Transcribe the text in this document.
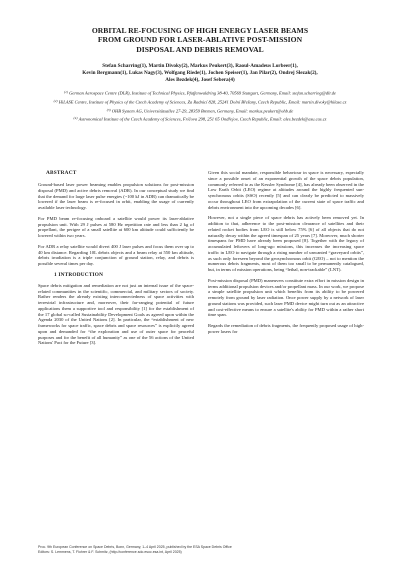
ORBITAL RE-FOCUSING OF HIGH ENERGY LASER BEAMS
FROM GROUND FOR LASER-ABLATIVE POST-MISSION
DISPOSAL AND DEBRIS REMOVAL
Stefan Scharring(1), Martin Divoky(2), Markus Peukert(3), Raoul-Amadeus Lorbeer(1),
Kevin Bergmann(1), Lukas Nagy(3), Wolfgang Riede(1), Jochen Speiser(1), Jan Pilar(2), Ondrej Slezak(2),
Ales Bezdek(4), Josef Sebera(4)
$^{(1)}$ German Aerospace Centre (DLR), Institute of Technical Physics, Pfaffenwaldring 38-40, 70569 Stuttgart, Germany, Email: stefan.scharring@dlr.de
$^{(2)}$ HiLASE Centre, Institute of Physics of the Czech Academy of Sciences, Za Radnicí 828, 25241 Dolní Břežany, Czech Republic, Email: martin.divoky@hilase.cz
$^{(3)}$ OHB System AG, Universitätsallee 27-29, 28359 Bremen, Germany, Email: markus.peukert@ohb.de
$^{(4)}$ Astronomical Institute of the Czech Academy of Sciences, Fričova 298, 251 65 Ondřejov, Czech Republic, Email: ales.bezdek@asu.cas.cz
ABSTRACT

Ground-based laser power beaming enables propulsion solutions for post-mission disposal (PMD) and active debris removal (ADR). In our conceptual study we find that the demand for large laser pulse energies (~100 kJ in ADR) can dramatically be lowered if the laser beam is re-focused in orbit, enabling the usage of currently available laser technology.

For PMD beam re-focusing onboard a satellite would power its laser-ablative propulsion unit. With 29 J pulses at 580 Hz repetition rate and less than 2 kg of propellant, the perigee of a small satellite at 600 km altitude could sufficiently be lowered within two years.

For ADR a relay satellite would divert 400 J laser pulses and focus them over up to 40 km distance. Regarding 10L debris objects and a beam relay at 550 km altitude, debris irradiation is a triple conjunction of ground station, relay, and debris is possible several times per day.

1 INTRODUCTION

Space debris mitigation and remediation are not just an internal issue of the space-related communities in the scientific, commercial, and military sectors of society. Rather renders the already existing interconnectedness of space activities with terrestrial infrastructure and, moreover, their far-ranging potential of future applications them a supportive tool and responsibility [1] for the establishment of the 17 global so-called Sustainability Development Goals as agreed upon within the Agenda 2030 of the United Nations [2]. In particular, the “establishment of new frameworks for space traffic, space debris and space resources” is explicitly agreed upon and demanded for “the exploration and use of outer space for peaceful purposes and for the benefit of all humanity” as one of the 56 actions of the United Nations' Pact for the Future [3].

Given this social mandate, responsible behaviour in space is necessary, especially since a possible onset of an exponential growth of the space debris population, commonly referred to as the Kessler Syndrome [4], has already been observed in the Low Earth Orbit (LEO) regime at altitudes around the highly frequented sun-synchronous orbits (SSO) recently [5] and can clearly be predicted to massively occur throughout LEO from extrapolation of the current state of space traffic and debris environment into the upcoming decades [6].

However, not a single piece of space debris has actively been removed yet. In addition to that, adherence to the post-mission clearance of satellites and their related rocket bodies from LEO is still below 75% [6] of all objects that do not naturally decay within the agreed timespan of 25 years [7]. Moreover, much shorter timespans for PMD have already been proposed [8]. Together with the legacy of accumulated leftovers of long-ago missions, this increases the increasing space traffic in LEO to navigate through a rising number of unwanted “graveyard orbits”, as such only foreseen beyond the geosynchronous orbit (GEO) – not to mention the numerous debris fragments, most of them too small to be permanently catalogued, but, in terms of mission operations, being “lethal, non-trackable” (LNT).

Post-mission disposal (PMD) maneuvers constitute extra effort in mission design in terms additional propulsion devices and/or propellant mass. In our work, we propose a simple satellite propulsion unit which benefits from its ability to be powered remotely from ground by laser radiation. Once power supply by a network of laser ground stations was provided, such laser PMD device might turn out as an attractive and cost-effective means to ensure a satellite's ability for PMD within a rather short time span.

Regards the remediation of debris fragments, the frequently proposed usage of high-power lasers for

Proc. 9th European Conference on Space Debris, Bonn, Germany, 1–4 April 2025, published by the ESA Space Debris Office
Editors: S. Lemmens, T. Flohrer & F. Schmitz, (http://conference.sdo.esoc.esa.int, April 2025)
